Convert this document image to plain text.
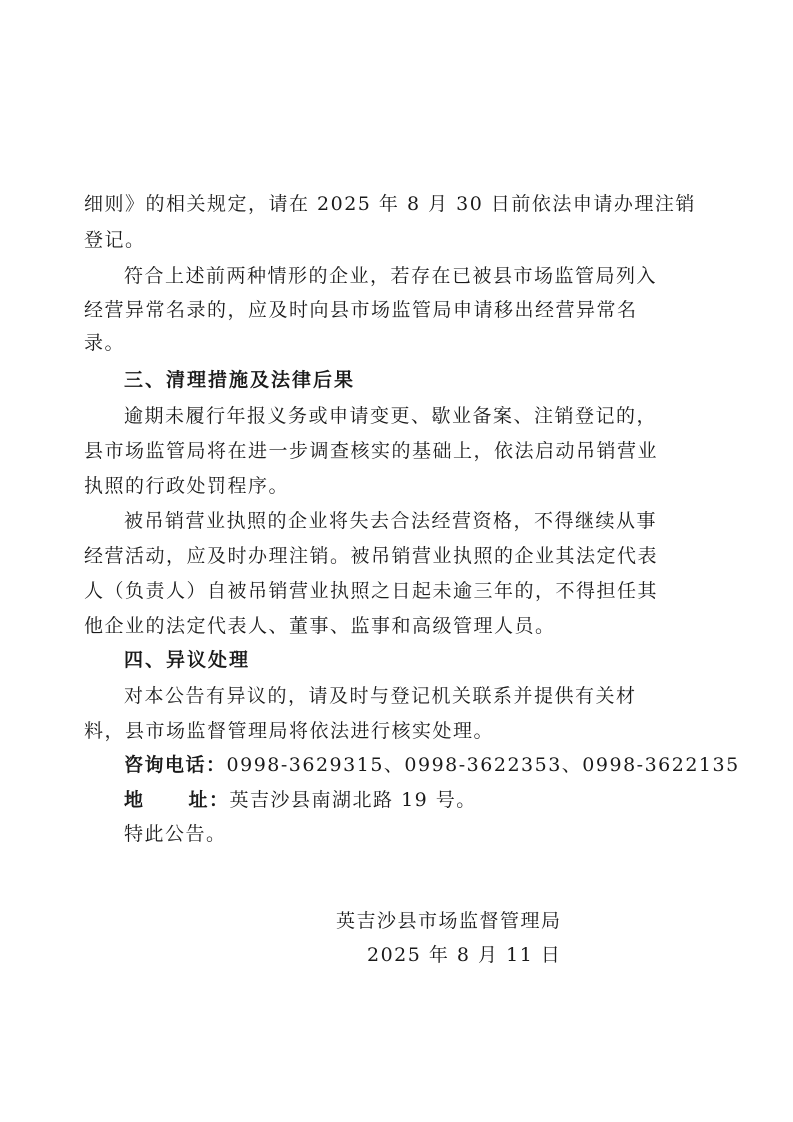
细则》的相关规定，请在 2025 年 8 月 30 日前依法申请办理注销
登记。
符合上述前两种情形的企业，若存在已被县市场监管局列入
经营异常名录的，应及时向县市场监管局申请移出经营异常名
录。
三、清理措施及法律后果
逾期未履行年报义务或申请变更、歇业备案、注销登记的，
县市场监管局将在进一步调查核实的基础上，依法启动吊销营业
执照的行政处罚程序。
被吊销营业执照的企业将失去合法经营资格，不得继续从事
经营活动，应及时办理注销。被吊销营业执照的企业其法定代表
人（负责人）自被吊销营业执照之日起未逾三年的，不得担任其
他企业的法定代表人、董事、监事和高级管理人员。
四、异议处理
对本公告有异议的，请及时与登记机关联系并提供有关材
料，县市场监督管理局将依法进行核实处理。
咨询电话：0998-3629315、0998-3622353、0998-3622135
地 址：英吉沙县南湖北路 19 号。
特此公告。
英吉沙县市场监督管理局
2025 年 8 月 11 日
